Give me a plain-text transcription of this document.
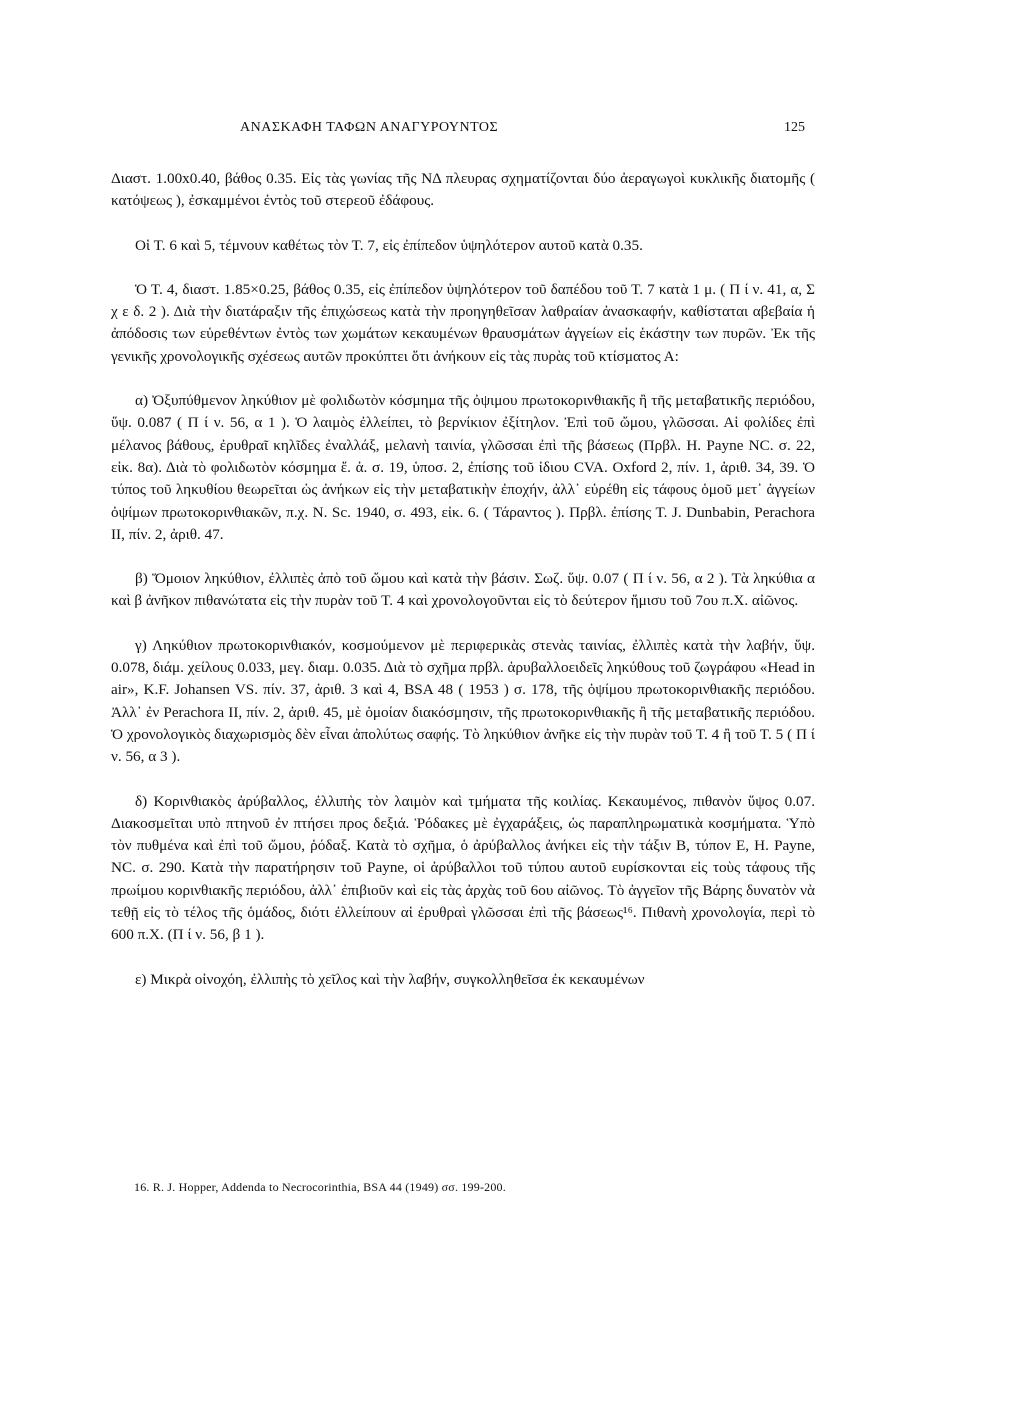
ΑΝΑΣΚΑΦΗ ΤΑΦΩΝ ΑΝΑΓΥΡΟΥΝΤΟΣ	125

Διαστ. 1.00x0.40, βάθος 0.35. Εἰς τὰς γωνίας τῆς ΝΔ πλευρας σχηματίζονται δύο ἀεραγωγοὶ κυκλικῆς διατομῆς ( κατόψεως ), ἐσκαμμένοι ἐντὸς τοῦ στερεοῦ ἐδάφους.

Οἱ Τ. 6 καὶ 5, τέμνουν καθέτως τὸν Τ. 7, εἰς ἐπίπεδον ὑψηλότερον αυτοῦ κατὰ 0.35.

Ὁ Τ. 4, διαστ. 1.85×0.25, βάθος 0.35, εἰς ἐπίπεδον ὑψηλότερον τοῦ δαπέδου τοῦ Τ. 7 κατὰ 1 μ. ( Π ί ν. 41, α, Σ χ ε δ. 2 ). Διὰ τὴν διατάραξιν τῆς ἐπιχώσεως κατὰ τὴν προηγηθεῖσαν λαθραίαν ἀνασκαφήν, καθίσταται αβεβαία ἡ ἀπόδοσις των εὑρεθέντων ἐντὸς των χωμάτων κεκαυμένων θραυσμάτων ἀγγείων εἰς ἑκάστην των πυρῶν. Ἐκ τῆς γενικῆς χρονολογικῆς σχέσεως αυτῶν προκύπτει ὅτι ἀνήκουν εἰς τὰς πυρὰς τοῦ κτίσματος Α:

α) Ὀξυπύθμενον ληκύθιον μὲ φολιδωτὸν κόσμημα τῆς ὀψιμου πρωτοκορινθιακῆς ἢ τῆς μεταβατικῆς περιόδου, ὕψ. 0.087 ( Π ί ν. 56, α 1 ). Ὁ λαιμὸς ἐλλείπει, τὸ βερνίκιον ἐξίτηλον. Ἐπὶ τοῦ ὤμου, γλῶσσαι. Αἱ φολίδες ἐπὶ μέλανος βάθους, ἐρυθραῖ κηλῖδες ἐναλλάξ, μελανὴ ταινία, γλῶσσαι ἐπὶ τῆς βάσεως (Πρβλ. Η. Payne NC. σ. 22, εἰκ. 8α). Διὰ τὸ φολιδωτὸν κόσμημα ἔ. ἀ. σ. 19, ὑποσ. 2, ἐπίσης τοῦ ἰδιου CVA. Oxford 2, πίν. 1, ἀριθ. 34, 39. Ὁ τύπος τοῦ ληκυθίου θεωρεῖται ὡς ἀνήκων εἰς τὴν μεταβατικὴν ἐποχήν, ἀλλ᾽ εὑρέθη εἰς τάφους ὁμοῦ μετ᾽ ἀγγείων ὀψίμων πρωτοκορινθιακῶν, π.χ. N. Sc. 1940, σ. 493, εἰκ. 6. ( Τάραντος ). Πρβλ. ἐπίσης Τ. J. Dunbabin, Perachora II, πίν. 2, ἀριθ. 47.

β) Ὅμοιον ληκύθιον, ἐλλιπὲς ἀπὸ τοῦ ὤμου καὶ κατὰ τὴν βάσιν. Σωζ. ὕψ. 0.07 ( Π ί ν. 56, α 2 ). Τὰ ληκύθια α καὶ β ἀνῆκον πιθανώτατα εἰς τὴν πυρὰν τοῦ Τ. 4 καὶ χρονολογοῦνται εἰς τὸ δεύτερον ἥμισυ τοῦ 7ου π.Χ. αἰῶνος.

γ) Ληκύθιον πρωτοκορινθιακόν, κοσμούμενον μὲ περιφερικὰς στενὰς ταινίας, ἐλλιπὲς κατὰ τὴν λαβήν, ὕψ. 0.078, διάμ. χείλους 0.033, μεγ. διαμ. 0.035. Διὰ τὸ σχῆμα πρβλ. ἀρυβαλλοειδεῖς ληκύθους τοῦ ζωγράφου «Head in air», K.F. Johansen VS. πίν. 37, ἀριθ. 3 καὶ 4, BSA 48 ( 1953 ) σ. 178, τῆς ὀψίμου πρωτοκορινθιακῆς περιόδου. Ἀλλ᾽ ἐν Perachora II, πίν. 2, ἀριθ. 45, μὲ ὁμοίαν διακόσμησιν, τῆς πρωτοκορινθιακῆς ἢ τῆς μεταβατικῆς περιόδου. Ὁ χρονολογικὸς διαχωρισμὸς δὲν εἶναι ἀπολύτως σαφής. Τὸ ληκύθιον ἀνῆκε εἰς τὴν πυρὰν τοῦ Τ. 4 ἢ τοῦ Τ. 5 ( Π ί ν. 56, α 3 ).

δ) Κορινθιακὸς ἀρύβαλλος, ἐλλιπὴς τὸν λαιμὸν καὶ τμήματα τῆς κοιλίας. Κεκαυμένος, πιθανὸν ὕψος 0.07. Διακοσμεῖται υπὸ πτηνοῦ ἐν πτήσει προς δεξιά. Ῥόδακες μὲ ἐγχαράξεις, ὡς παραπληρωματικὰ κοσμήματα. Ὑπὸ τὸν πυθμένα καὶ ἐπὶ τοῦ ὤμου, ῥόδαξ. Κατὰ τὸ σχῆμα, ὁ ἀρύβαλλος ἀνήκει εἰς τὴν τάξιν B, τύπον E, H. Payne, NC. σ. 290. Κατὰ τὴν παρατήρησιν τοῦ Payne, οἱ ἀρύβαλλοι τοῦ τύπου αυτοῦ ευρίσκονται εἰς τοὺς τάφους τῆς πρωίμου κορινθιακῆς περιόδου, ἀλλ᾽ ἐπιβιοῦν καὶ εἰς τὰς ἀρχὰς τοῦ 6ου αἰῶνος. Τὸ ἀγγεῖον τῆς Βάρης δυνατὸν νὰ τεθῇ εἰς τὸ τέλος τῆς ὁμάδος, διότι ἐλλείπουν αἱ ἐρυθραὶ γλῶσσαι ἐπὶ τῆς βάσεως¹⁶. Πιθανὴ χρονολογία, περὶ τὸ 600 π.Χ. (Π ί ν. 56, β 1 ).

ε) Μικρὰ οἰνοχόη, ἐλλιπὴς τὸ χεῖλος καὶ τὴν λαβήν, συγκολληθεῖσα ἐκ κεκαυμένων

16. R. J. Hopper, Addenda to Necrocorinthia, BSA 44 (1949) σσ. 199-200.
